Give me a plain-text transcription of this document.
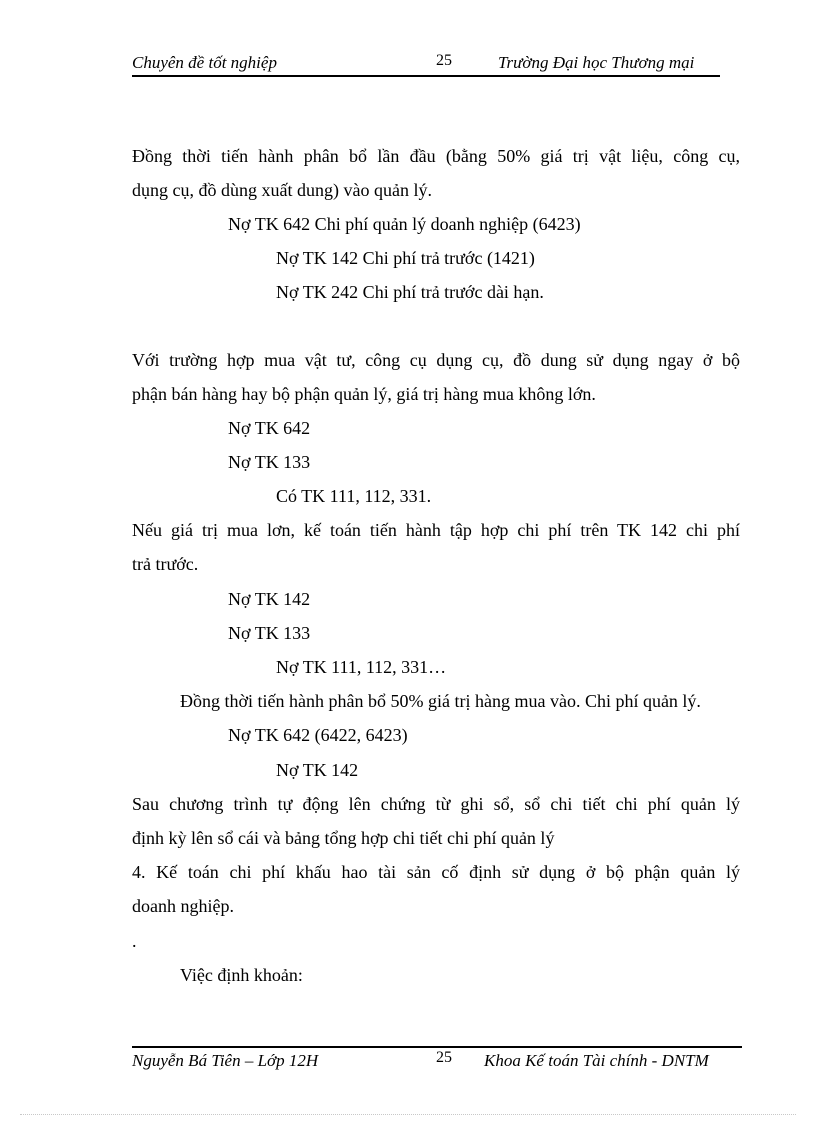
Chuyên đề tốt nghiệp	25	Trường Đại học Thương mại
Đồng thời tiến hành phân bổ lần đầu (bằng 50% giá trị vật liệu, công cụ,
dụng cụ, đồ dùng xuất dung) vào quản lý.
Nợ TK 642 Chi phí quản lý doanh nghiệp (6423)
Nợ TK 142 Chi phí trả trước (1421)
Nợ TK 242 Chi phí trả trước dài hạn.
Với trường hợp mua vật tư, công cụ dụng cụ, đồ dung sử dụng ngay ở bộ
phận bán hàng hay bộ phận quản lý, giá trị hàng mua không lớn.
Nợ TK 642
Nợ TK 133
Có TK 111, 112, 331.
Nếu giá trị mua lơn, kế toán tiến hành tập hợp chi phí trên TK 142 chi phí
trả trước.
Nợ TK 142
Nợ TK 133
Nợ TK 111, 112, 331…
Đồng thời tiến hành phân bổ 50% giá trị hàng mua vào. Chi phí quản lý.
Nợ TK 642 (6422, 6423)
Nợ TK 142
Sau chương trình tự động lên chứng từ ghi sổ, sổ chi tiết chi phí quản lý
định kỳ lên sổ cái và bảng tổng hợp chi tiết chi phí quản lý
4. Kế toán chi phí khấu hao tài sản cố định sử dụng ở bộ phận quản lý
doanh nghiệp.
.
Việc định khoản:
Nguyễn Bá Tiên – Lớp 12H	25 Khoa Kế toán Tài chính - DNTM
